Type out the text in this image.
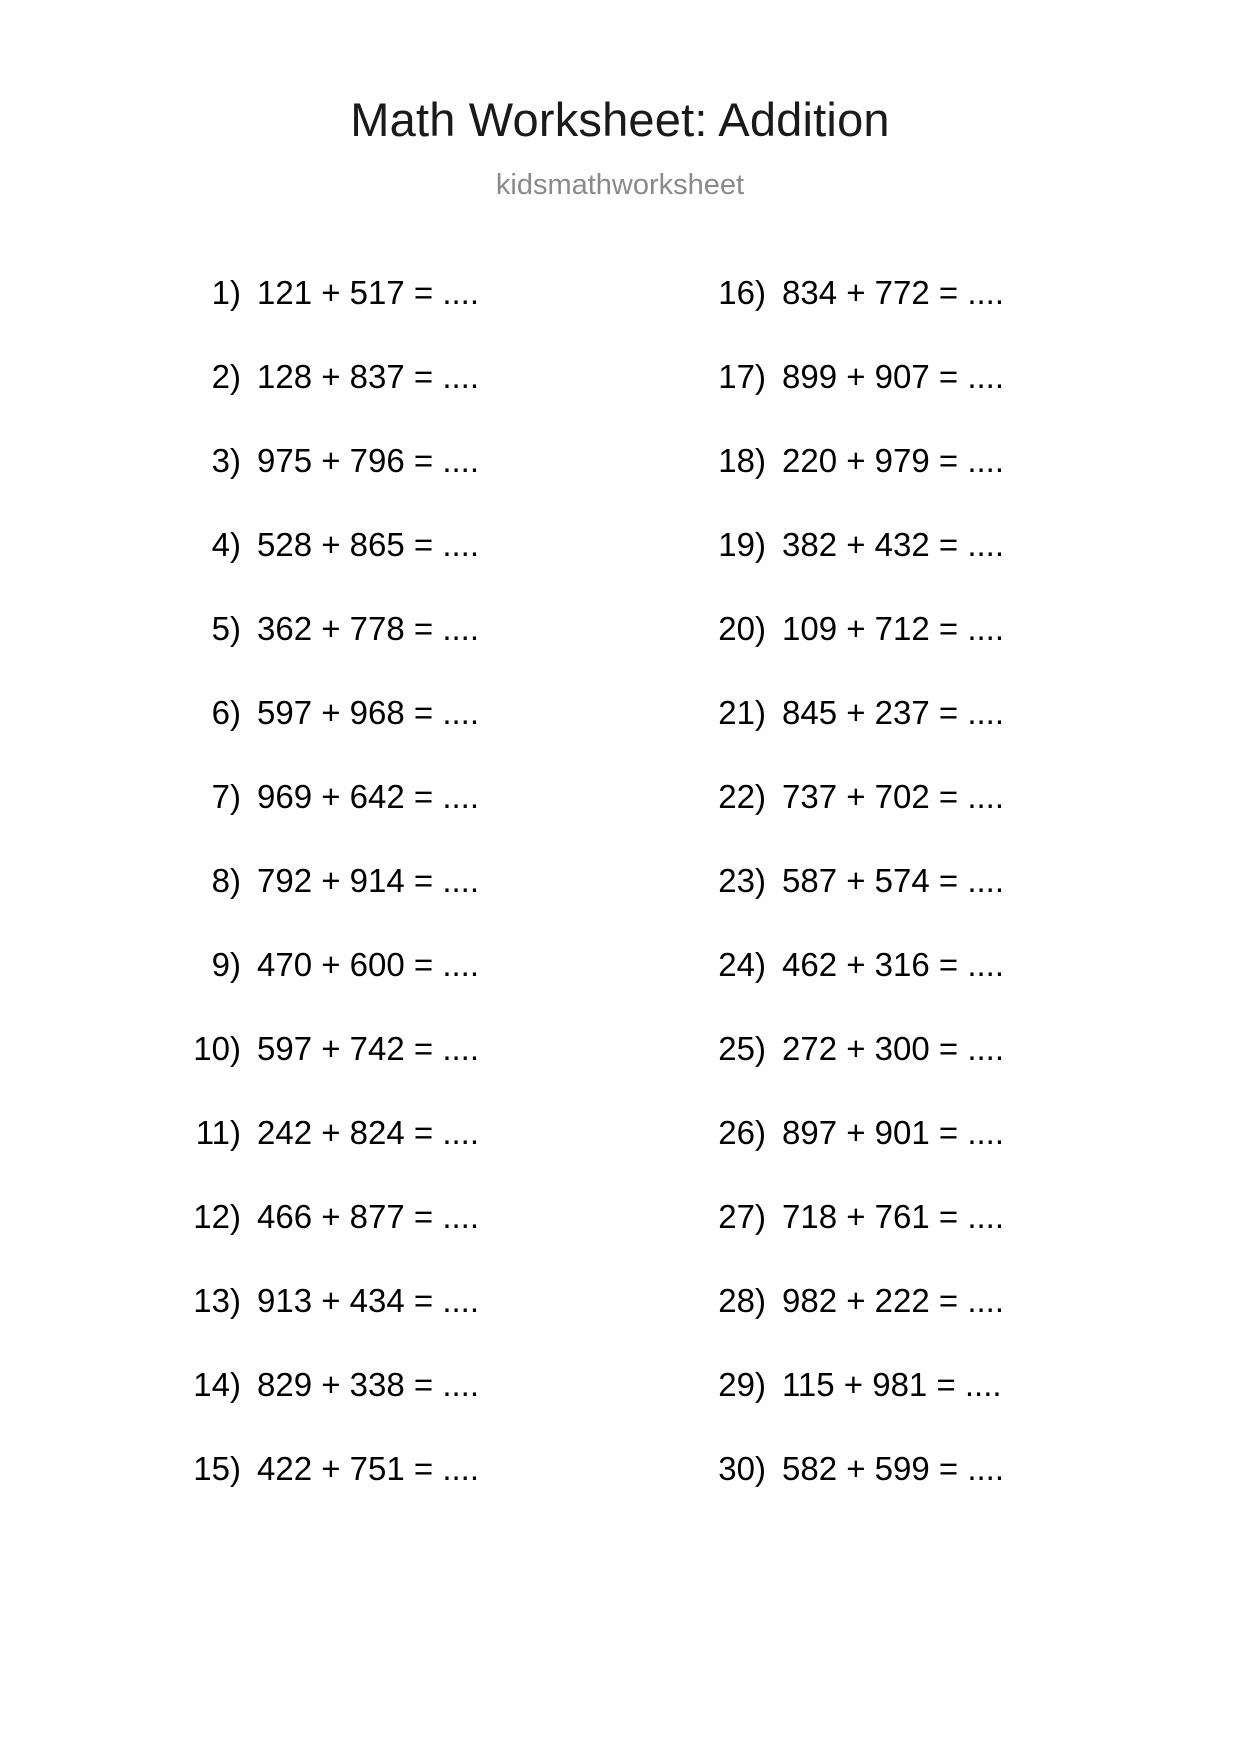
Math Worksheet: Addition
kidsmathworksheet
1) 121 + 517 = ....
2) 128 + 837 = ....
3) 975 + 796 = ....
4) 528 + 865 = ....
5) 362 + 778 = ....
6) 597 + 968 = ....
7) 969 + 642 = ....
8) 792 + 914 = ....
9) 470 + 600 = ....
10) 597 + 742 = ....
11) 242 + 824 = ....
12) 466 + 877 = ....
13) 913 + 434 = ....
14) 829 + 338 = ....
15) 422 + 751 = ....
16) 834 + 772 = ....
17) 899 + 907 = ....
18) 220 + 979 = ....
19) 382 + 432 = ....
20) 109 + 712 = ....
21) 845 + 237 = ....
22) 737 + 702 = ....
23) 587 + 574 = ....
24) 462 + 316 = ....
25) 272 + 300 = ....
26) 897 + 901 = ....
27) 718 + 761 = ....
28) 982 + 222 = ....
29) 115 + 981 = ....
30) 582 + 599 = ....
